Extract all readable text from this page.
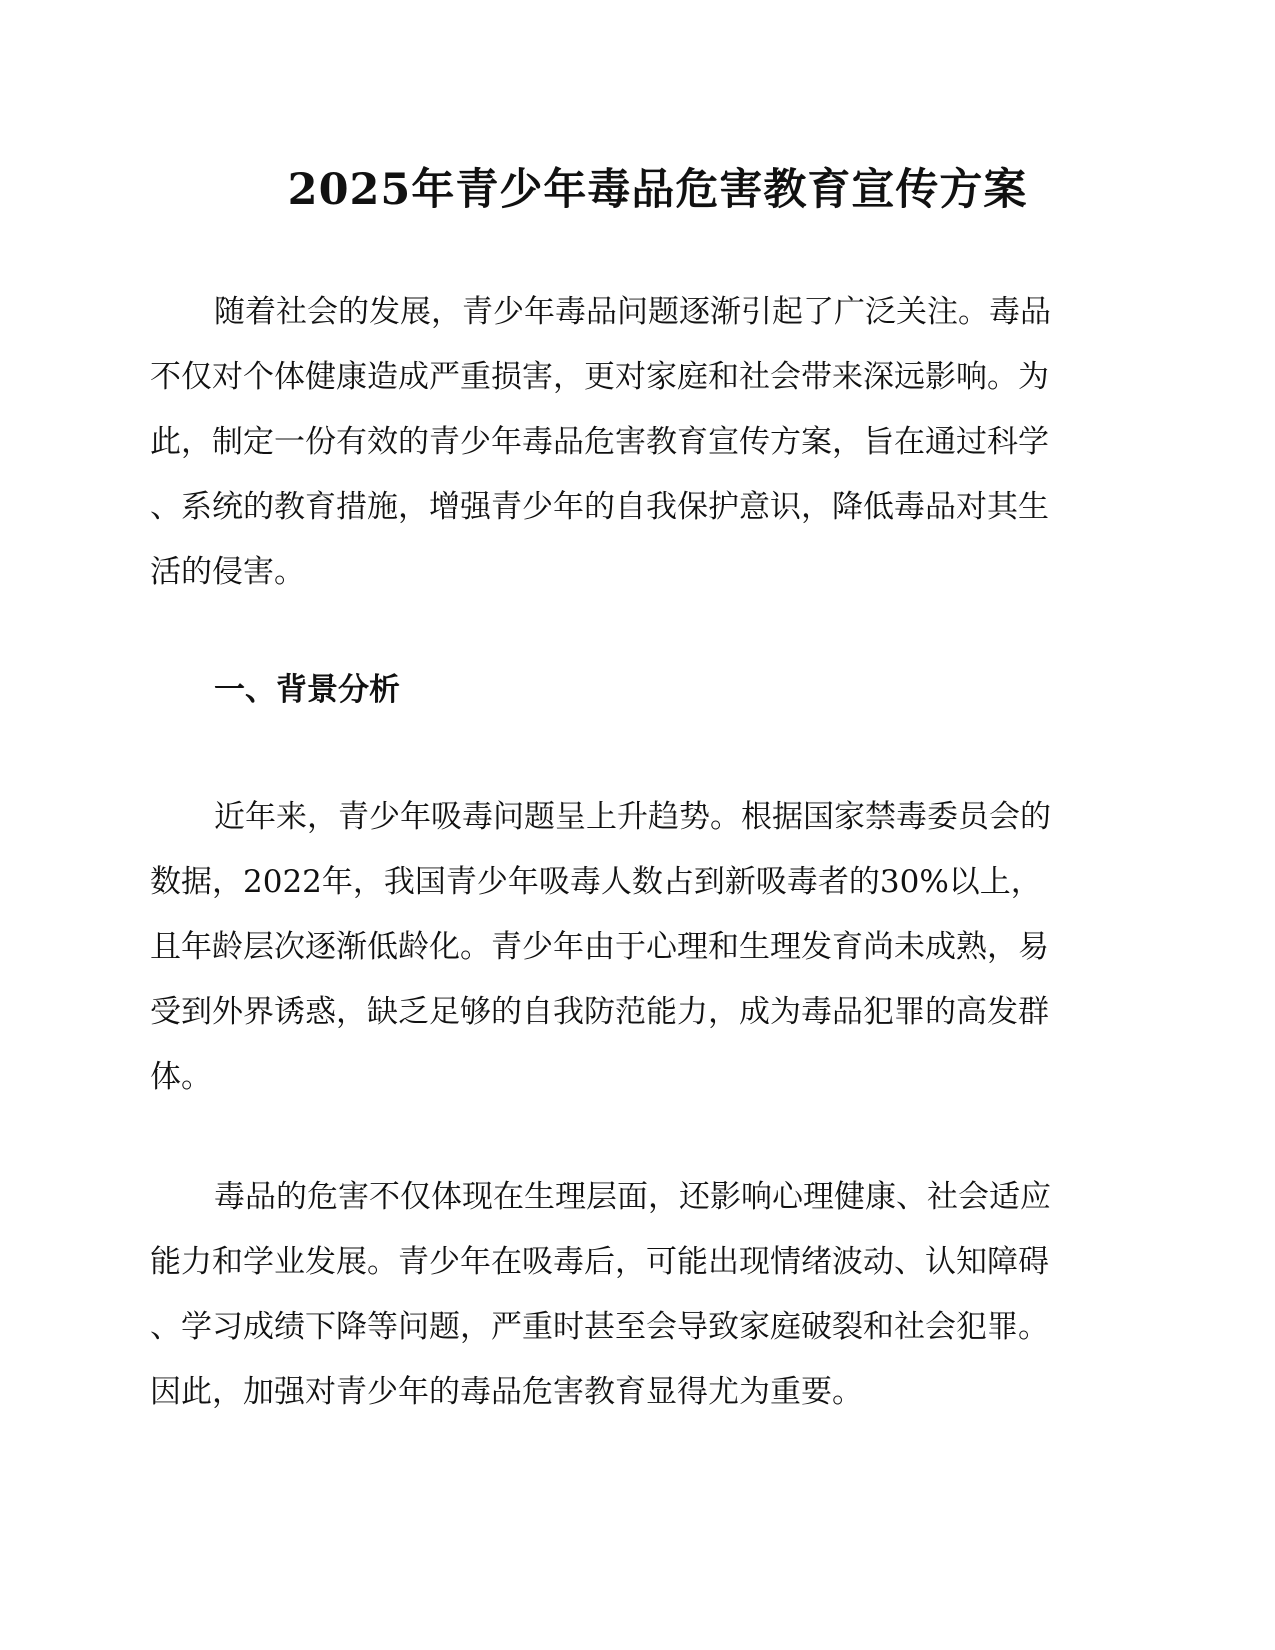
2025年青少年毒品危害教育宣传方案
随着社会的发展，青少年毒品问题逐渐引起了广泛关注。毒品
不仅对个体健康造成严重损害，更对家庭和社会带来深远影响。为
此，制定一份有效的青少年毒品危害教育宣传方案，旨在通过科学
、系统的教育措施，增强青少年的自我保护意识，降低毒品对其生
活的侵害。
一、背景分析
近年来，青少年吸毒问题呈上升趋势。根据国家禁毒委员会的
数据，2022年，我国青少年吸毒人数占到新吸毒者的30%以上，
且年龄层次逐渐低龄化。青少年由于心理和生理发育尚未成熟，易
受到外界诱惑，缺乏足够的自我防范能力，成为毒品犯罪的高发群
体。
毒品的危害不仅体现在生理层面，还影响心理健康、社会适应
能力和学业发展。青少年在吸毒后，可能出现情绪波动、认知障碍
、学习成绩下降等问题，严重时甚至会导致家庭破裂和社会犯罪。
因此，加强对青少年的毒品危害教育显得尤为重要。
